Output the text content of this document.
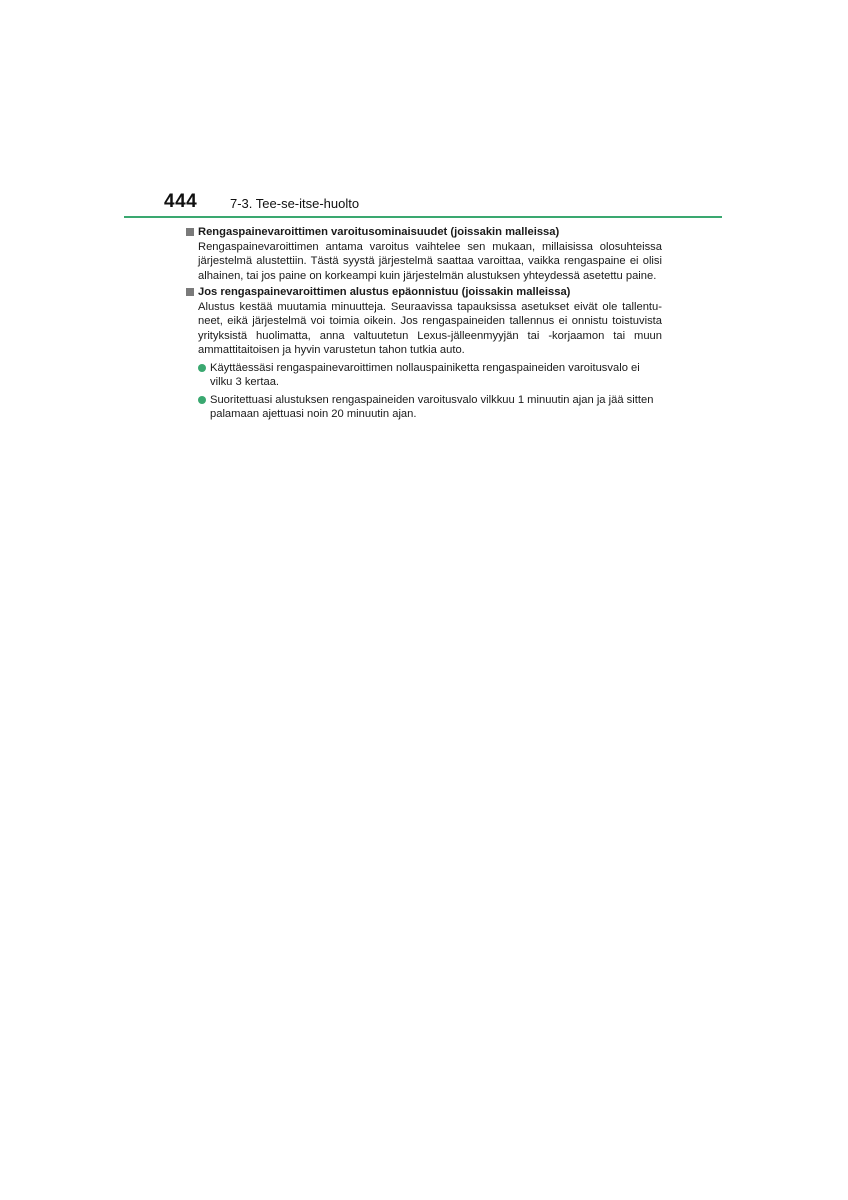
444	7-3. Tee-se-itse-huolto

Rengaspainevaroittimen varoitusominaisuudet (joissakin malleissa)

Rengaspainevaroittimen antama varoitus vaihtelee sen mukaan, millaisissa olosuhteissa järjestelmä alustettiin. Tästä syystä järjestelmä saattaa varoittaa, vaikka rengaspaine ei olisi alhainen, tai jos paine on korkeampi kuin järjestelmän alustuksen yhteydessä asetettu paine.

Jos rengaspainevaroittimen alustus epäonnistuu (joissakin malleissa)

Alustus kestää muutamia minuutteja. Seuraavissa tapauksissa asetukset eivät ole tallentuneet, eikä järjestelmä voi toimia oikein. Jos rengaspaineiden tallennus ei onnistu toistuvista yrityksistä huolimatta, anna valtuutetun Lexus-jälleenmyyjän tai -korjaamon tai muun ammattitaitoisen ja hyvin varustetun tahon tutkia auto.

Käyttäessäsi rengaspainevaroittimen nollauspainiketta rengaspaineiden varoitusvalo ei vilku 3 kertaa.
Suoritettuasi alustuksen rengaspaineiden varoitusvalo vilkkuu 1 minuutin ajan ja jää sitten palamaan ajettuasi noin 20 minuutin ajan.
